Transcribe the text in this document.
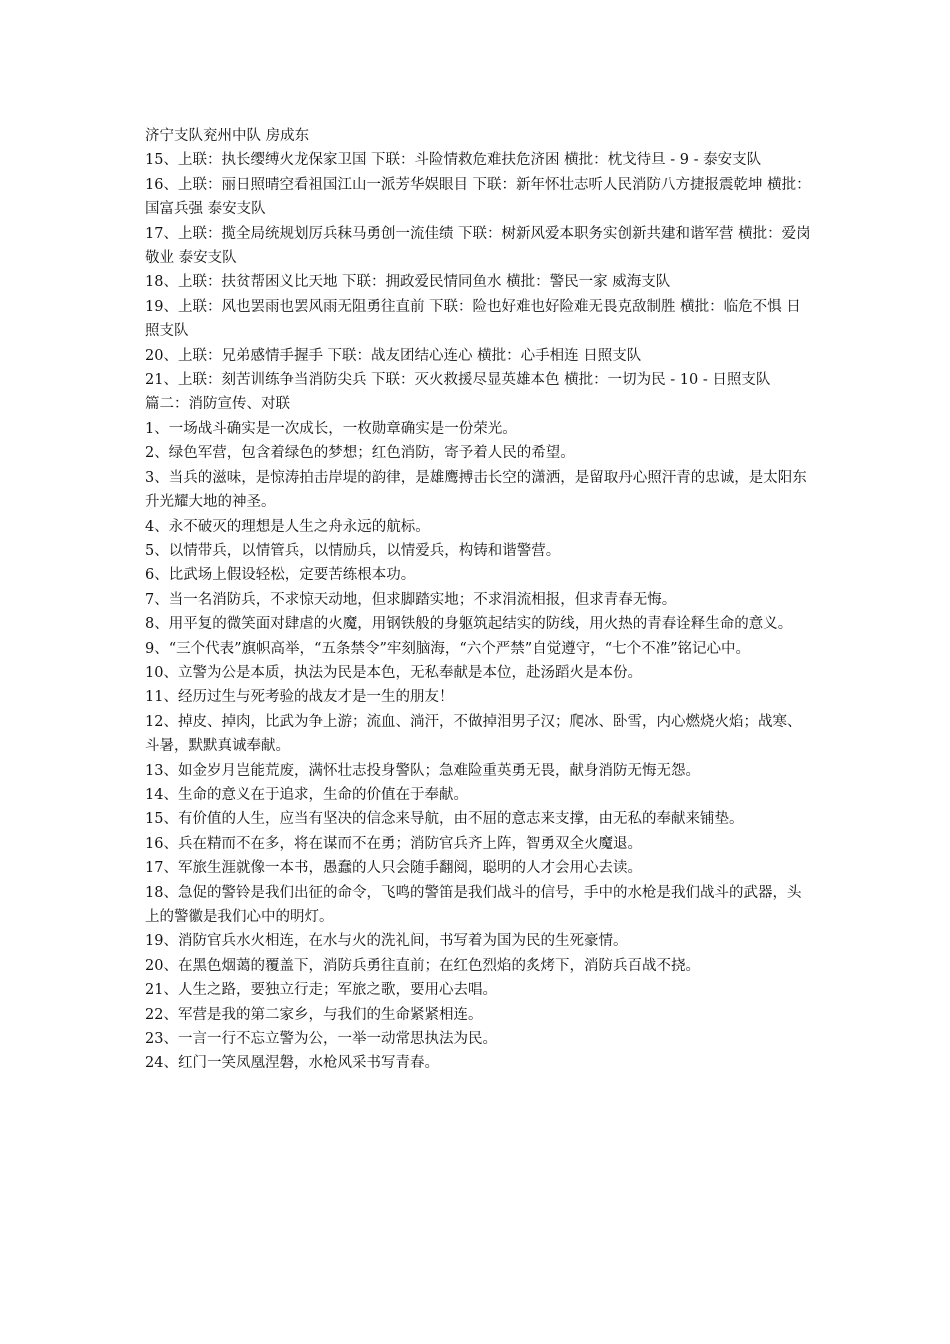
济宁支队兖州中队 房成东

15、上联：执长缨缚火龙保家卫国 下联：斗险情救危难扶危济困 横批：枕戈待旦 - 9 - 泰安支队

16、上联：丽日照晴空看祖国江山一派芳华娱眼目 下联：新年怀壮志听人民消防八方捷报震乾坤 横批：国富兵强 泰安支队

17、上联：揽全局统规划厉兵秣马勇创一流佳绩 下联：树新风爱本职务实创新共建和谐军营 横批：爱岗敬业 泰安支队

18、上联：扶贫帮困义比天地 下联：拥政爱民情同鱼水 横批：警民一家 威海支队

19、上联：风也罢雨也罢风雨无阻勇往直前 下联：险也好难也好险难无畏克敌制胜 横批：临危不惧 日照支队

20、上联：兄弟感情手握手 下联：战友团结心连心 横批：心手相连 日照支队

21、上联：刻苦训练争当消防尖兵 下联：灭火救援尽显英雄本色 横批：一切为民 - 10 - 日照支队

篇二：消防宣传、对联

1、一场战斗确实是一次成长，一枚勋章确实是一份荣光。

2、绿色军营，包含着绿色的梦想；红色消防，寄予着人民的希望。

3、当兵的滋味，是惊涛拍击岸堤的韵律，是雄鹰搏击长空的潇洒，是留取丹心照汗青的忠诚，是太阳东升光耀大地的神圣。

4、永不破灭的理想是人生之舟永远的航标。

5、以情带兵，以情管兵，以情励兵，以情爱兵，构铸和谐警营。

6、比武场上假设轻松，定要苦练根本功。

7、当一名消防兵，不求惊天动地，但求脚踏实地；不求涓流相报，但求青春无悔。

8、用平复的微笑面对肆虐的火魔，用钢铁般的身躯筑起结实的防线，用火热的青春诠释生命的意义。

9、“三个代表”旗帜高举，“五条禁令”牢刻脑海，“六个严禁”自觉遵守，“七个不准”铭记心中。

10、立警为公是本质，执法为民是本色，无私奉献是本位，赴汤蹈火是本份。

11、经历过生与死考验的战友才是一生的朋友！

12、掉皮、掉肉，比武为争上游；流血、淌汗，不做掉泪男子汉；爬冰、卧雪，内心燃烧火焰；战寒、斗暑，默默真诚奉献。

13、如金岁月岂能荒废，满怀壮志投身警队；急难险重英勇无畏，献身消防无悔无怨。

14、生命的意义在于追求，生命的价值在于奉献。

15、有价值的人生，应当有坚决的信念来导航，由不屈的意志来支撑，由无私的奉献来铺垫。

16、兵在精而不在多，将在谋而不在勇；消防官兵齐上阵，智勇双全火魔退。

17、军旅生涯就像一本书，愚蠢的人只会随手翻阅，聪明的人才会用心去读。

18、急促的警铃是我们出征的命令，飞鸣的警笛是我们战斗的信号，手中的水枪是我们战斗的武器，头上的警徽是我们心中的明灯。

19、消防官兵水火相连，在水与火的洗礼间，书写着为国为民的生死豪情。

20、在黑色烟蔼的覆盖下，消防兵勇往直前；在红色烈焰的炙烤下，消防兵百战不挠。

21、人生之路，要独立行走；军旅之歌，要用心去唱。

22、军营是我的第二家乡，与我们的生命紧紧相连。

23、一言一行不忘立警为公，一举一动常思执法为民。

24、红门一笑凤凰涅磐，水枪风采书写青春。
